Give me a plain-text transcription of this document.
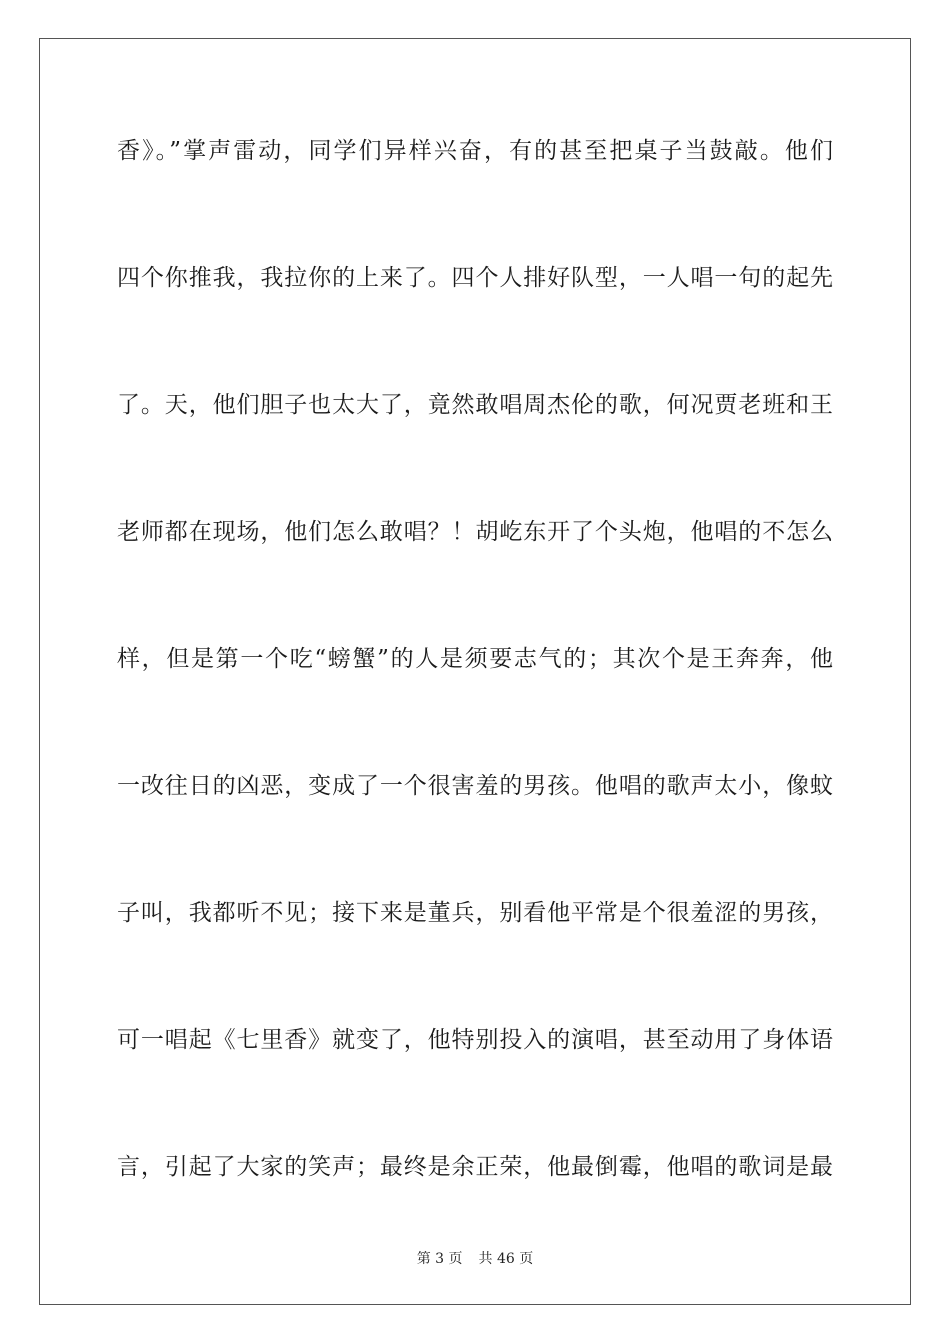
香》。”掌声雷动，同学们异样兴奋，有的甚至把桌子当鼓敲。他们
四个你推我，我拉你的上来了。四个人排好队型，一人唱一句的起先
了。天，他们胆子也太大了，竟然敢唱周杰伦的歌，何况贾老班和王
老师都在现场，他们怎么敢唱？！胡屹东开了个头炮，他唱的不怎么
样，但是第一个吃“螃蟹”的人是须要志气的；其次个是王奔奔，他
一改往日的凶恶，变成了一个很害羞的男孩。他唱的歌声太小，像蚊
子叫，我都听不见；接下来是董兵，别看他平常是个很羞涩的男孩，
可一唱起《七里香》就变了，他特别投入的演唱，甚至动用了身体语
言，引起了大家的笑声；最终是余正荣，他最倒霉，他唱的歌词是最
第 3 页 共 46 页
